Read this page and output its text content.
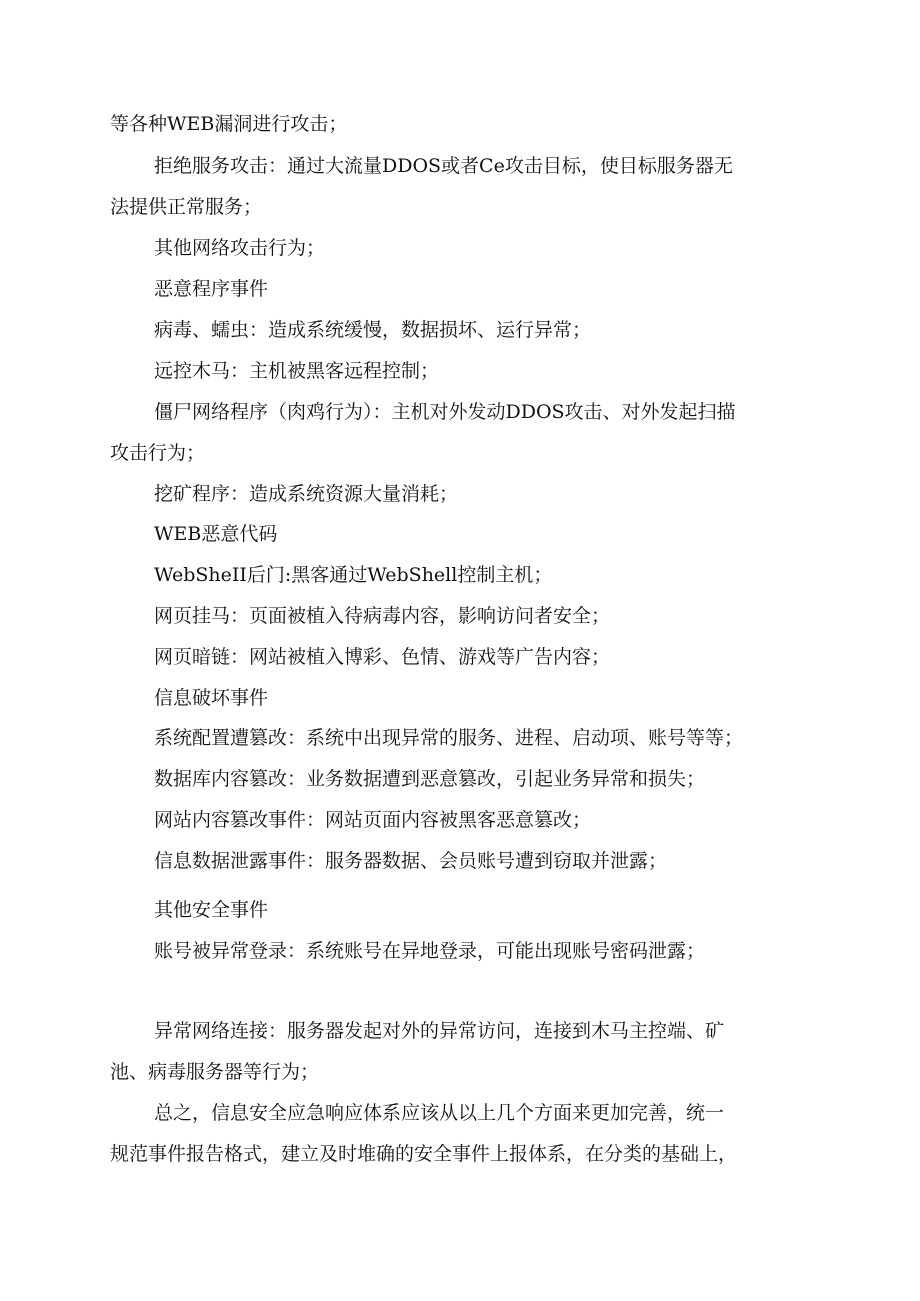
等各种WEB漏洞进行攻击；
拒绝服务攻击：通过大流量DDOS或者Ce攻击目标，使目标服务器无
法提供正常服务；
其他网络攻击行为；
恶意程序事件
病毒、蠕虫：造成系统缓慢，数据损坏、运行异常；
远控木马：主机被黑客远程控制；
僵尸网络程序（肉鸡行为）：主机对外发动DDOS攻击、对外发起扫描
攻击行为；
挖矿程序：造成系统资源大量消耗；
WEB恶意代码
WebSheII后门:黑客通过WebShell控制主机；
网页挂马：页面被植入待病毒内容，影响访问者安全；
网页暗链：网站被植入博彩、色情、游戏等广告内容；
信息破坏事件
系统配置遭篡改：系统中出现异常的服务、进程、启动项、账号等等；
数据库内容篡改：业务数据遭到恶意篡改，引起业务异常和损失；
网站内容篡改事件：网站页面内容被黑客恶意篡改；
信息数据泄露事件：服务器数据、会员账号遭到窃取并泄露；
其他安全事件
账号被异常登录：系统账号在异地登录，可能出现账号密码泄露；
异常网络连接：服务器发起对外的异常访问，连接到木马主控端、矿
池、病毒服务器等行为；
总之，信息安全应急响应体系应该从以上几个方面来更加完善，统一
规范事件报告格式，建立及时堆确的安全事件上报体系，在分类的基础上，
